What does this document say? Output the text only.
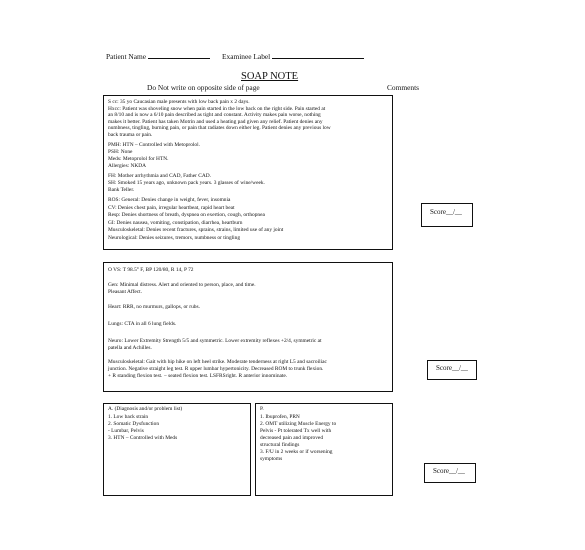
Patient Name	Examinee Label
SOAP NOTE
Do Not write on opposite side of page	Comments
S cc: 35 yo Caucasian male presents with low back pain x 2 days.
Hxcc: Patient was shoveling snow when pain started in the low back on the right side. Pain started at
an 8/10 and is now a 6/10 pain described as tight and constant. Activity makes pain worse, nothing
makes it better. Patient has taken Motrin and used a heating pad given any relief. Patient denies any
numbness, tingling, burning pain, or pain that radiates down either leg. Patient denies any previous low
back trauma or pain.
PMH: HTN – Controlled with Metoprolol.
PSH: None
Meds: Metoprolol for HTN.
Allergies: NKDA
FH: Mother arrhythmia and CAD, Father CAD.
SH: Smoked 15 years ago, unknown pack years. 3 glasses of wine/week.
Bank Teller.
ROS: General: Denies change in weight, fever, insomnia
CV: Denies chest pain, irregular heartbeat, rapid heart beat
Resp: Denies shortness of breath, dyspnea on exertion, cough, orthopnea
GI: Denies nausea, vomiting, constipation, diarrhea, heartburn
Musculoskeletal: Denies recent fractures, sprains, strains, limited use of any joint
Neurological: Denies seizures, tremors, numbness or tingling
Score__/__
O VS: T 98.5° F, BP 120/80, R 14, P 72
Gen: Minimal distress. Alert and oriented to person, place, and time.
Pleasant Affect.
Heart: RRR, no murmurs, gallops, or rubs.
Lungs: CTA in all 6 lung fields.
Neuro: Lower Extremity Strength 5/5 and symmetric. Lower extremity reflexes +2/4, symmetric at
patella and Achilles.
Musculoskeletal: Gait with hip hike on left heel strike. Moderate tenderness at right L5 and sacroiliac
junction. Negative straight leg test. R upper lumbar hypertonicity. Decreased ROM to trunk flexion.
+ R standing flexion test. − seated flexion test. LSFRSright. R anterior innominate.
Score__/__
A. (Diagnosis and/or problem list)
1. Low back strain
2. Somatic Dysfunction
- Lumbar, Pelvis
3. HTN – Controlled with Meds
P.
1. Ibuprofen, PRN
2. OMT utilizing Muscle Energy to
Pelvis - Pt tolerated Tx well with
decreased pain and improved
structural findings
3. F/U in 2 weeks or if worsening
symptoms
Score__/__
